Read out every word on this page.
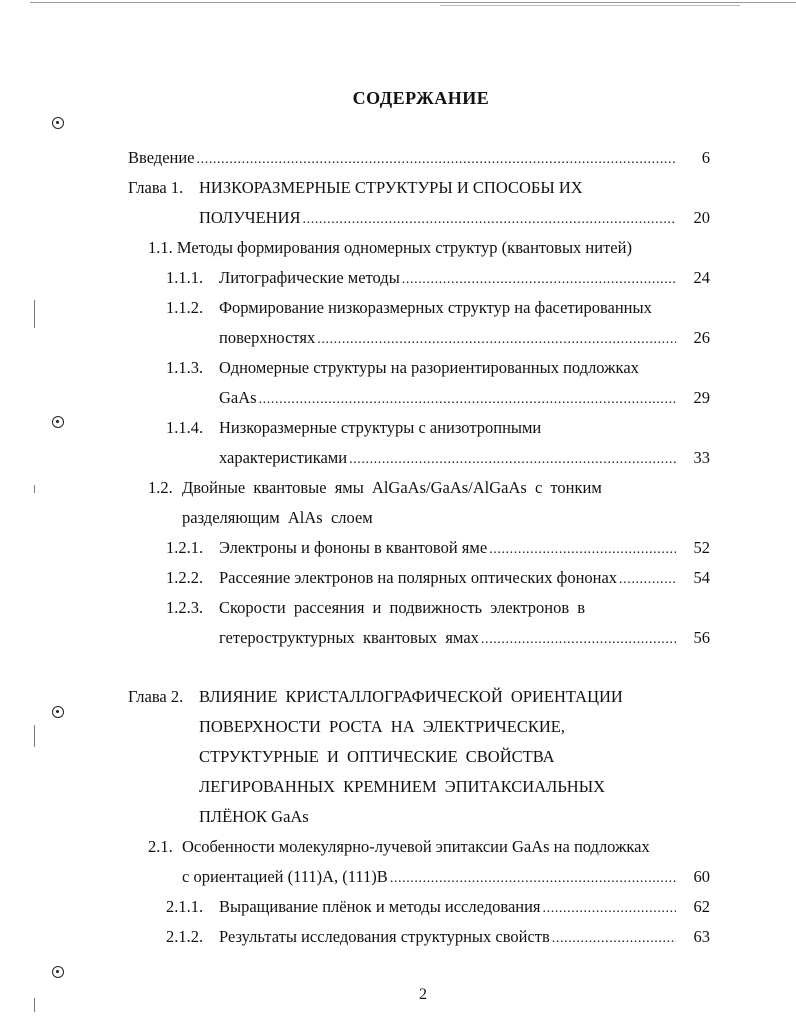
СОДЕРЖАНИЕ
Введение .....	6
Глава 1. НИЗКОРАЗМЕРНЫЕ СТРУКТУРЫ И СПОСОБЫ ИХ
ПОЛУЧЕНИЯ .....	20
1.1. Методы формирования одномерных структур (квантовых нитей)
1.1.1. Литографические методы .....	24
1.1.2. Формирование низкоразмерных структур на фасетированных
поверхностях .....	26
1.1.3. Одномерные структуры на разориентированных подложках
GaAs .....	29
1.1.4. Низкоразмерные структуры с анизотропными
характеристиками .....	33
1.2. Двойные квантовые ямы AlGaAs/GaAs/AlGaAs с тонким
разделяющим  AlAs  слоем
1.2.1. Электроны и фононы в квантовой яме .....	52
1.2.2. Рассеяние электронов на полярных оптических фононах .....	54
1.2.3. Скорости рассеяния и подвижность электронов в
гетероструктурных  квантовых  ямах .....	56
Глава 2. ВЛИЯНИЕ КРИСТАЛЛОГРАФИЧЕСКОЙ ОРИЕНТАЦИИ
ПОВЕРХНОСТИ РОСТА НА ЭЛЕКТРИЧЕСКИЕ,
СТРУКТУРНЫЕ И ОПТИЧЕСКИЕ СВОЙСТВА
ЛЕГИРОВАННЫХ КРЕМНИЕМ ЭПИТАКСИАЛЬНЫХ
ПЛЁНОК GaAs
2.1. Особенности молекулярно-лучевой эпитаксии GaAs на подложках
с ориентацией (111)А, (111)В .....	60
2.1.1. Выращивание плёнок и методы исследования .....	62
2.1.2. Результаты исследования структурных свойств .....	63
2
